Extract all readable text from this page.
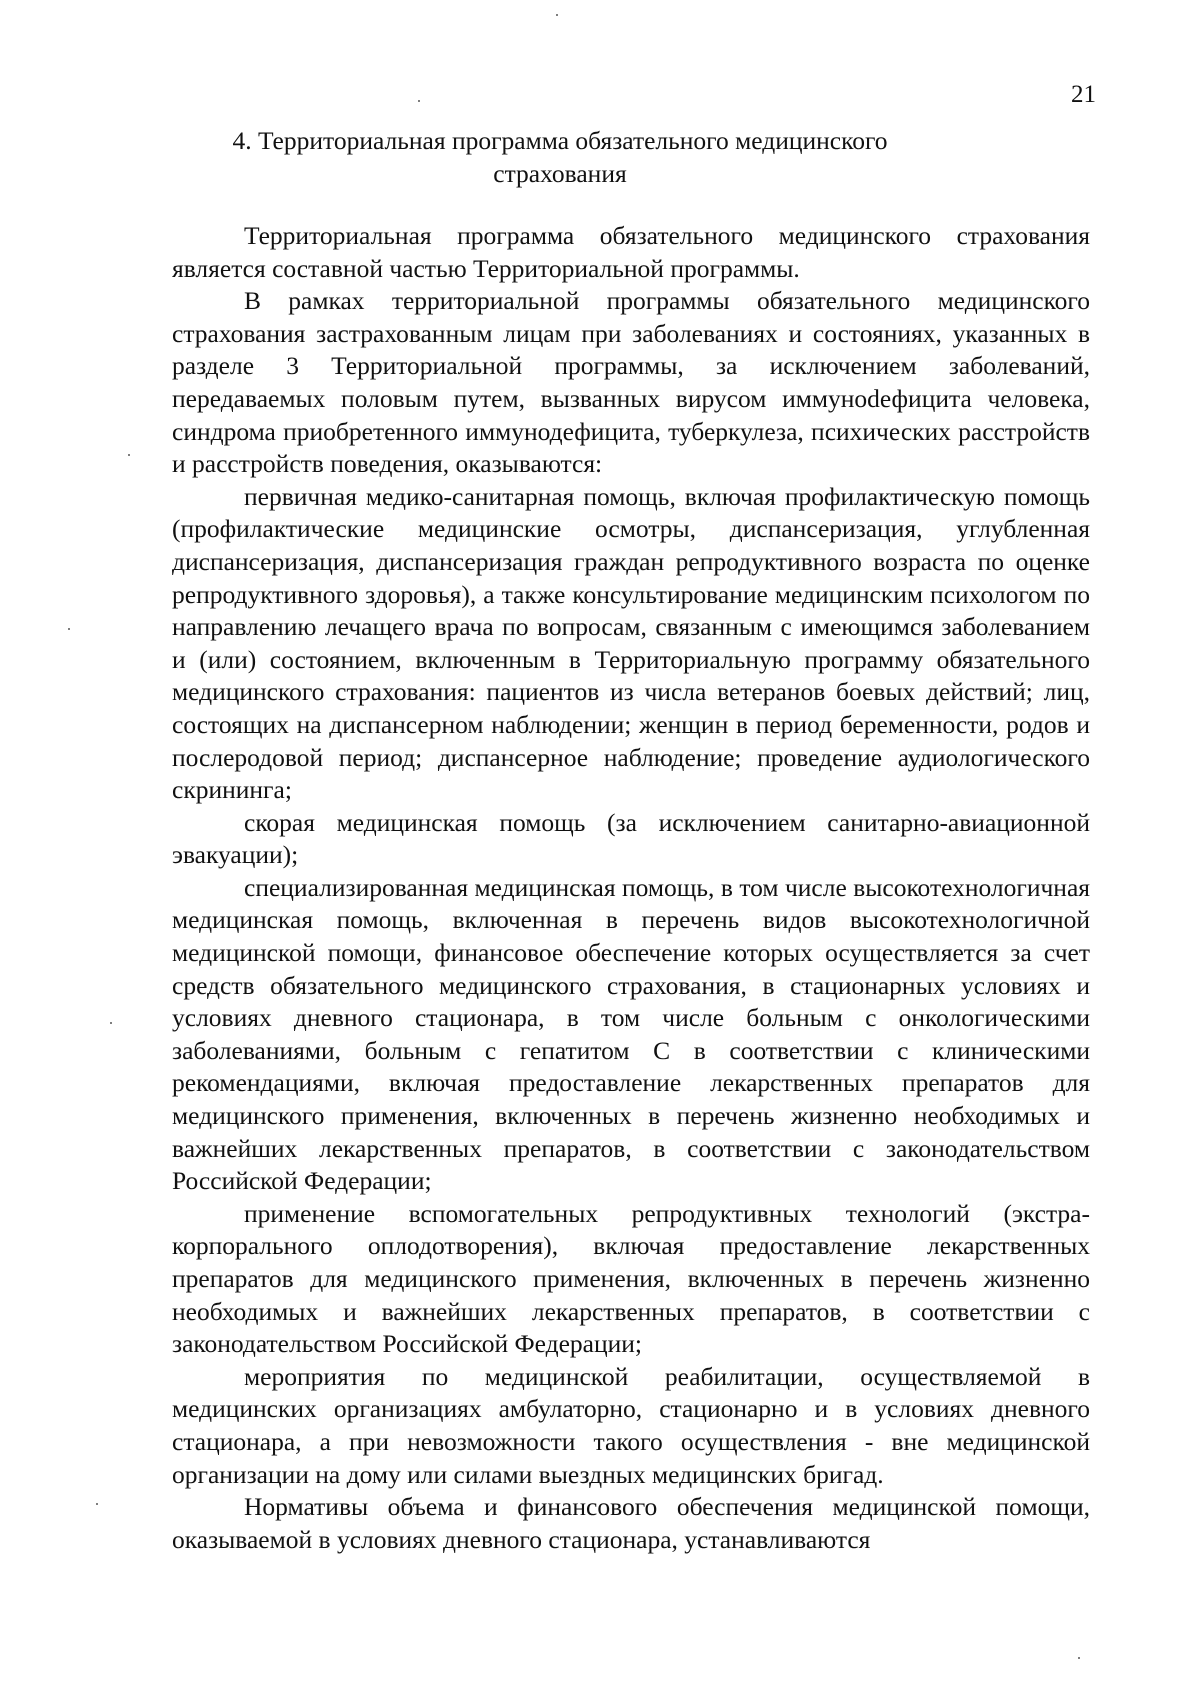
21
4. Территориальная программа обязательного медицинского
страхования

Территориальная программа обязательного медицинского страхования является составной частью Территориальной программы.

В рамках территориальной программы обязательного медицинского страхования застрахованным лицам при заболеваниях и состояниях, указанных в разделе 3 Территориальной программы, за исключением заболеваний, передаваемых половым путем, вызванных вирусом иммуноdефицита человека, синдрома приобретенного иммунодефицита, туберкулеза, психических расстройств и расстройств поведения, оказываются:

первичная медико-санитарная помощь, включая профилактическую помощь (профилактические медицинские осмотры, диспансеризация, углубленная диспансеризация, диспансеризация граждан репродуктивного возраста по оценке репродуктивного здоровья), а также консультирование медицинским психологом по направлению лечащего врача по вопросам, связанным с имеющимся заболеванием и (или) состоянием, включенным в Территориальную программу обязательного медицинского страхования: пациентов из числа ветеранов боевых действий; лиц, состоящих на диспансерном наблюдении; женщин в период беременности, родов и послеродовой период; диспансерное наблюдение; проведение аудиологического скрининга;

скорая медицинская помощь (за исключением санитарно-авиационной эвакуации);

специализированная медицинская помощь, в том числе высокотехнологичная медицинская помощь, включенная в перечень видов высокотехнологичной медицинской помощи, финансовое обеспечение которых осуществляется за счет средств обязательного медицинского страхования, в стационарных условиях и условиях дневного стационара, в том числе больным с онкологическими заболеваниями, больным с гепатитом C в соответствии с клиническими рекомендациями, включая предоставление лекарственных препаратов для медицинского применения, включенных в перечень жизненно необходимых и важнейших лекарственных препаратов, в соответствии с законодательством Российской Федерации;

применение вспомогательных репродуктивных технологий (экстракорпорального оплодотворения), включая предоставление лекарственных препаратов для медицинского применения, включенных в перечень жизненно необходимых и важнейших лекарственных препаратов, в соответствии с законодательством Российской Федерации;

мероприятия по медицинской реабилитации, осуществляемой в медицинских организациях амбулаторно, стационарно и в условиях дневного стационара, а при невозможности такого осуществления - вне медицинской организации на дому или силами выездных медицинских бригад.

Нормативы объема и финансового обеспечения медицинской помощи, оказываемой в условиях дневного стационара, устанавливаются
